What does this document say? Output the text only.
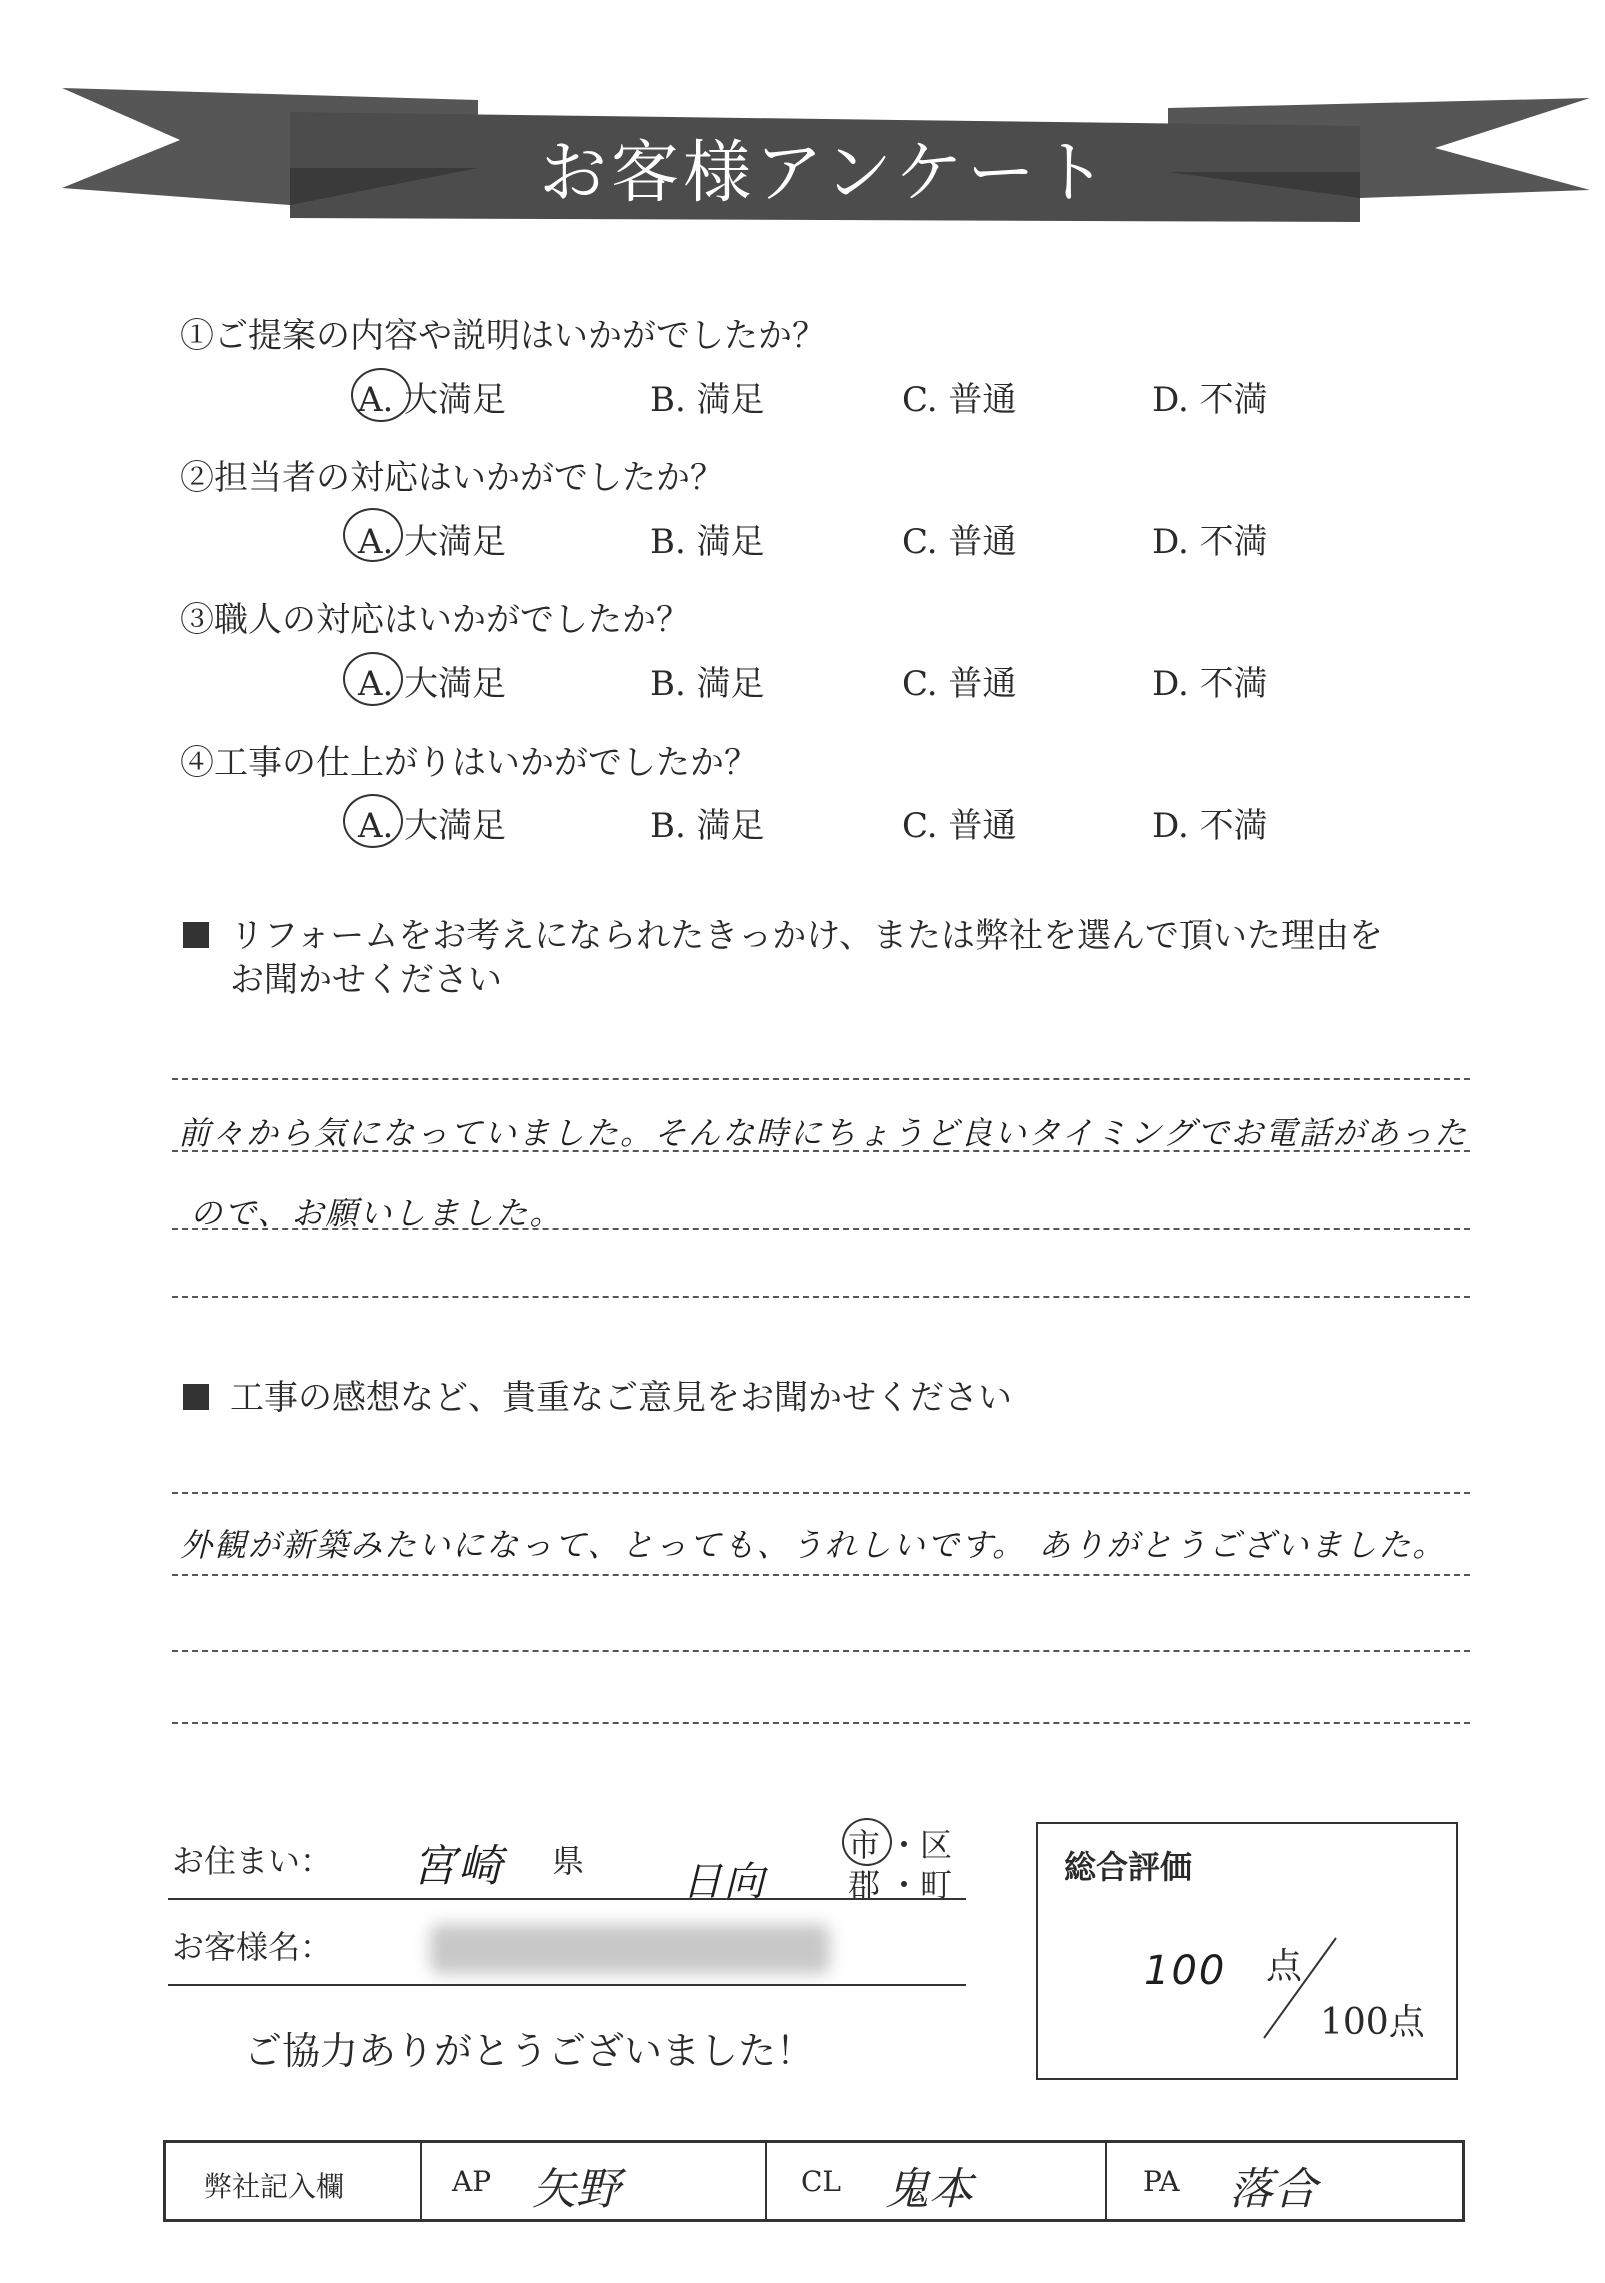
お客様アンケート
①ご提案の内容や説明はいかがでしたか？
A. 大満足	B. 満足	C. 普通	D. 不満
②担当者の対応はいかがでしたか？
A. 大満足	B. 満足	C. 普通	D. 不満
③職人の対応はいかがでしたか？
A. 大満足	B. 満足	C. 普通	D. 不満
④工事の仕上がりはいかがでしたか？
A. 大満足	B. 満足	C. 普通	D. 不満
リフォームをお考えになられたきっかけ、または弊社を選んで頂いた理由を
お聞かせください
前々から気になっていました。そんな時にちょうど良いタイミングでお電話があった
ので、お願いしました。
工事の感想など、貴重なご意見をお聞かせください
外観が新築みたいになって、とっても、うれしいです。 ありがとうございました。
お住まい： 宮崎 県 日向
市 ・区
郡 ・町
お客様名：
ご協力ありがとうございました！
総合評価
100 点
100点
弊社記入欄	AP 矢野	CL 鬼本	PA 落合
